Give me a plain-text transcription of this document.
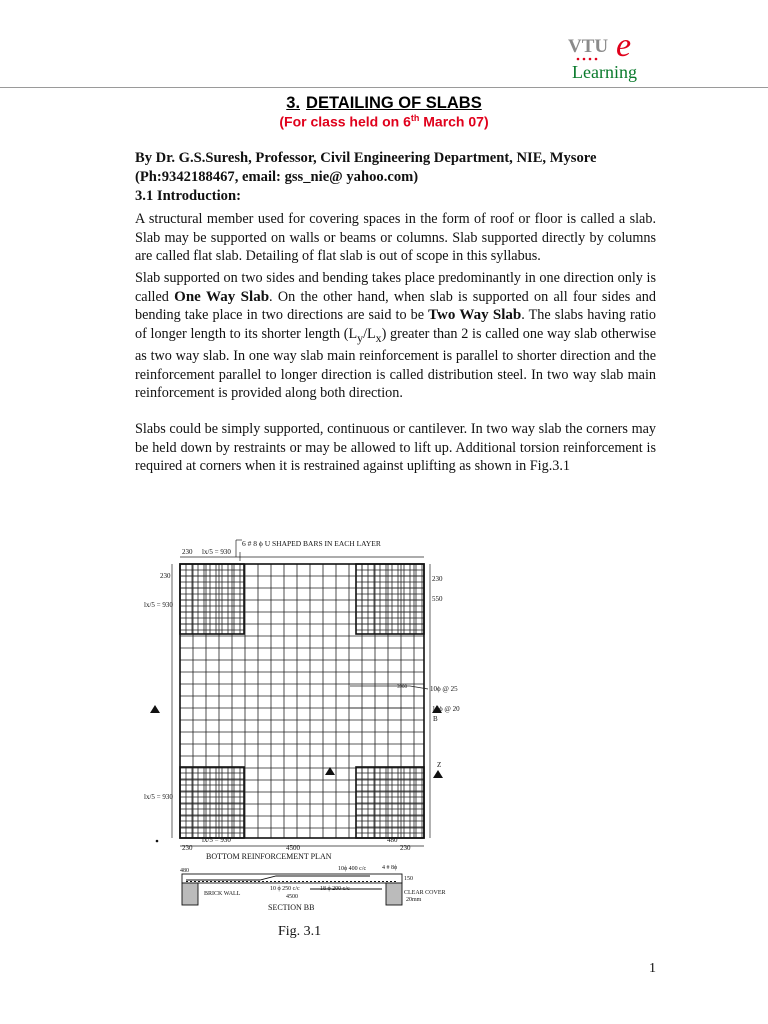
VTU e
Learning
3. DETAILING OF SLABS
(For class held on 6th March 07)
By Dr. G.S.Suresh, Professor, Civil Engineering Department, NIE, Mysore
(Ph:9342188467, email: gss_nie@ yahoo.com)
3.1 Introduction:

A structural member used for covering spaces in the form of roof or floor is called a slab. Slab may be supported on walls or beams or columns. Slab supported directly by columns are called flat slab. Detailing of flat slab is out of scope in this syllabus.

Slab supported on two sides and bending takes place predominantly in one direction only is called One Way Slab. On the other hand, when slab is supported on all four sides and bending take place in two directions are said to be Two Way Slab. The slabs having ratio of longer length to its shorter length $(L_y/L_x)$ greater than 2 is called one way slab otherwise as two way slab. In one way slab main reinforcement is parallel to shorter direction and the reinforcement parallel to longer direction is called distribution steel. In two way slab main reinforcement is provided along both direction.

Slabs could be simply supported, continuous or cantilever. In two way slab the corners may be held down by restraints or may be allowed to lift up. Additional torsion reinforcement is required at corners when it is restrained against uplifting as shown in Fig.3.1

6 # 8 ϕ U SHAPED BARS IN EACH LAYER
230 lx/5 = 930
230
lx/5 = 930
230
550
3900	10ϕ @ 25
10ϕ @ 20
B
Z
lx/5 = 930
lx/5 = 930	480
230	4500	230
BOTTOM REINFORCEMENT PLAN
480	10ϕ 400 c/c	4 # 8ϕ
150
BRICK WALL
10 ϕ 250 c/c	18 ϕ 200 c/c
4500
CLEAR COVER
20mm
SECTION BB
Fig. 3.1
1
